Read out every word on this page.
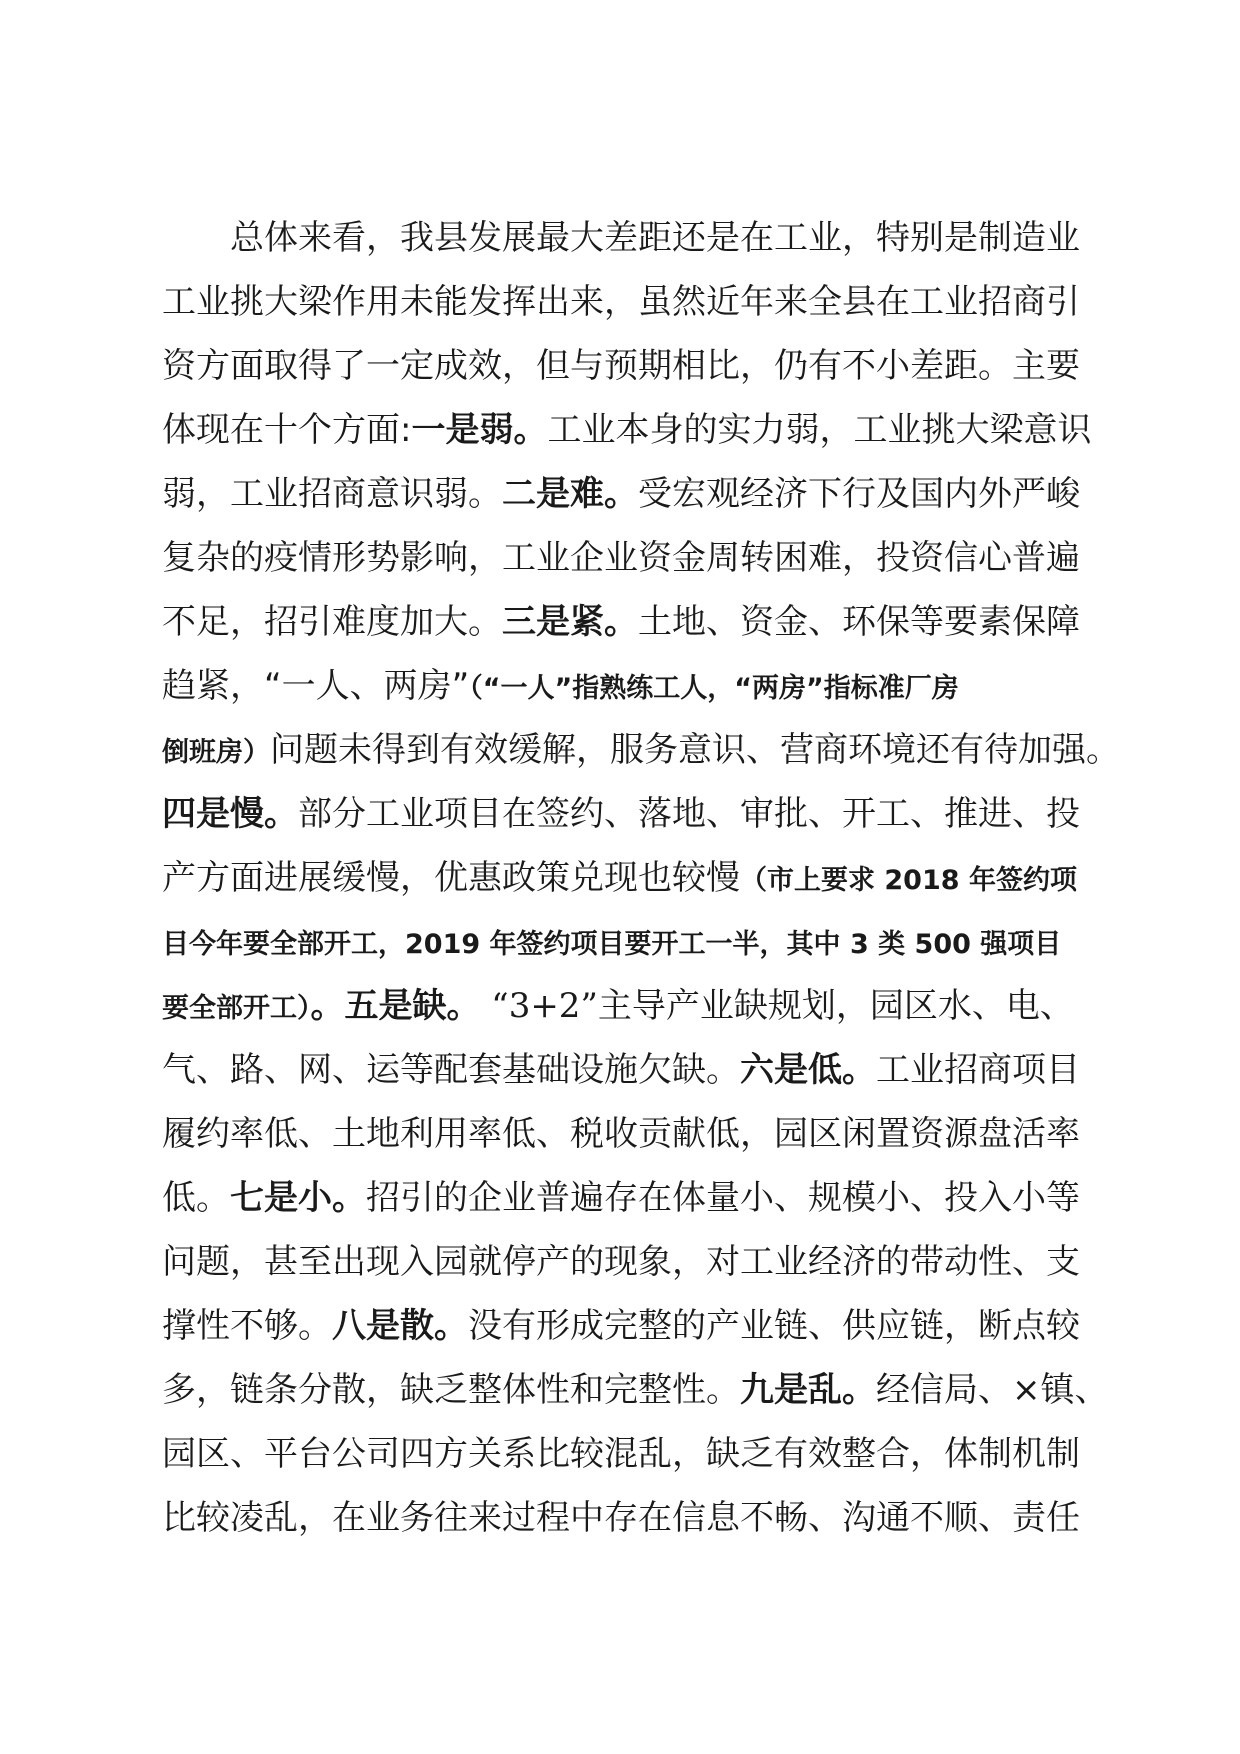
　　总体来看，我县发展最大差距还是在工业，特别是制造业
工业挑大梁作用未能发挥出来，虽然近年来全县在工业招商引
资方面取得了一定成效，但与预期相比，仍有不小差距。主要
体现在十个方面:一是弱。工业本身的实力弱，工业挑大梁意识
弱，工业招商意识弱。二是难。受宏观经济下行及国内外严峻
复杂的疫情形势影响，工业企业资金周转困难，投资信心普遍
不足，招引难度加大。三是紧。土地、资金、环保等要素保障
趋紧，“一人、两房”（“一人”指熟练工人，“两房”指标准厂房
倒班房）问题未得到有效缓解，服务意识、营商环境还有待加强。
四是慢。部分工业项目在签约、落地、审批、开工、推进、投
产方面进展缓慢，优惠政策兑现也较慢（市上要求 2018 年签约项
目今年要全部开工，2019 年签约项目要开工一半，其中 3 类 500 强项目
要全部开工）。五是缺。 “3+2”主导产业缺规划，园区水、电、
气、路、网、运等配套基础设施欠缺。六是低。工业招商项目
履约率低、土地利用率低、税收贡献低，园区闲置资源盘活率
低。七是小。招引的企业普遍存在体量小、规模小、投入小等
问题，甚至出现入园就停产的现象，对工业经济的带动性、支
撑性不够。八是散。没有形成完整的产业链、供应链，断点较
多，链条分散，缺乏整体性和完整性。九是乱。经信局、×镇、
园区、平台公司四方关系比较混乱，缺乏有效整合，体制机制
比较凌乱，在业务往来过程中存在信息不畅、沟通不顺、责任
